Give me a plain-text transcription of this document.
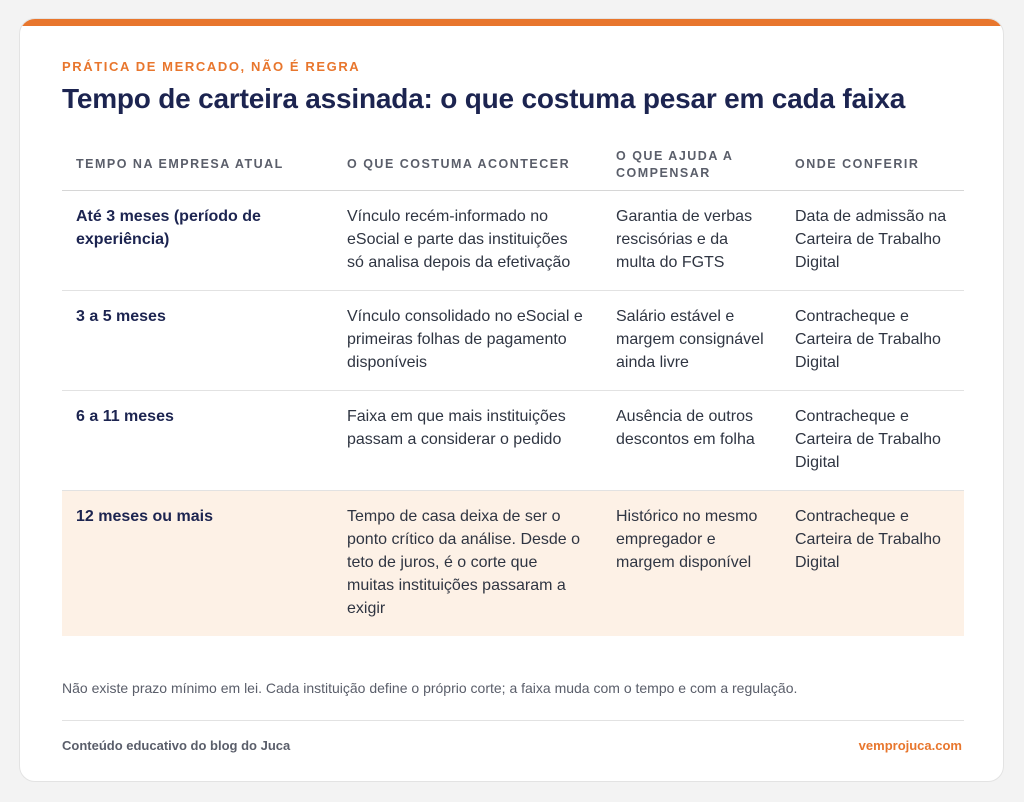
PRÁTICA DE MERCADO, NÃO É REGRA
Tempo de carteira assinada: o que costuma pesar em cada faixa
TEMPO NA EMPRESA ATUAL	O QUE COSTUMA ACONTECER	O QUE AJUDA A COMPENSAR	ONDE CONFERIR
Até 3 meses (período de experiência)	Vínculo recém-informado no eSocial e parte das instituições só analisa depois da efetivação	Garantia de verbas rescisórias e da multa do FGTS	Data de admissão na Carteira de Trabalho Digital
3 a 5 meses	Vínculo consolidado no eSocial e primeiras folhas de pagamento disponíveis	Salário estável e margem consignável ainda livre	Contracheque e Carteira de Trabalho Digital
6 a 11 meses	Faixa em que mais instituições passam a considerar o pedido	Ausência de outros descontos em folha	Contracheque e Carteira de Trabalho Digital
12 meses ou mais	Tempo de casa deixa de ser o ponto crítico da análise. Desde o teto de juros, é o corte que muitas instituições passaram a exigir	Histórico no mesmo empregador e margem disponível	Contracheque e Carteira de Trabalho Digital
Não existe prazo mínimo em lei. Cada instituição define o próprio corte; a faixa muda com o tempo e com a regulação.
Conteúdo educativo do blog do Juca	vemprojuca.com
